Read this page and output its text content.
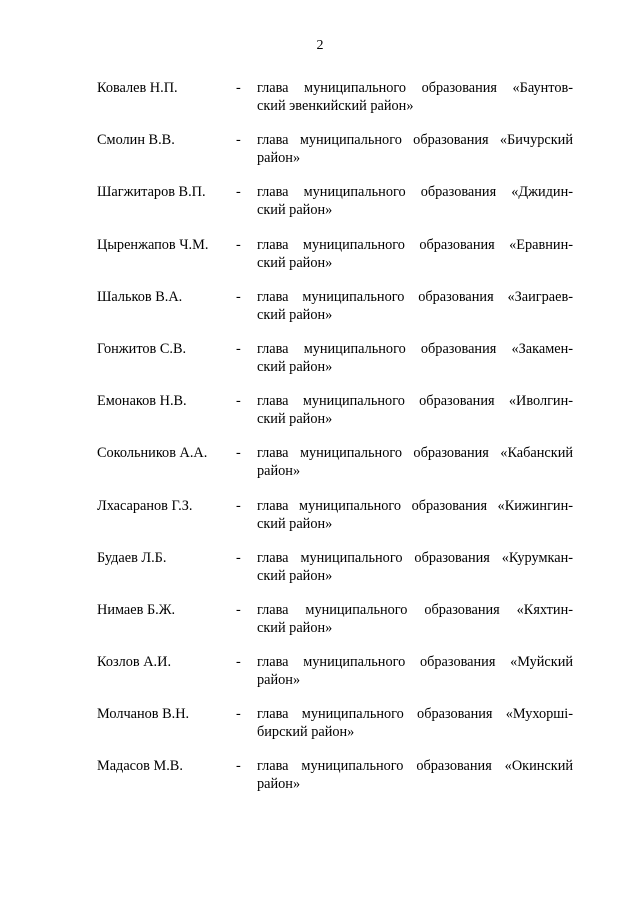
2
Ковалев Н.П.	- глава муниципального образования «Баунтов-
ский эвенкийский район»
Смолин В.В.	- глава муниципального образования «Бичурский
район»
Шагжитаров В.П. - глава муниципального образования «Джидин-
ский район»
Цыренжапов Ч.М. - глава муниципального образования «Еравнин-
ский район»
Шальков В.А.	- глава муниципального образования «Заиграев-
ский район»
Гонжитов С.В.	- глава муниципального образования «Закамен-
ский район»
Емонаков Н.В.	- глава муниципального образования «Иволгин-
ский район»
Сокольников А.А. - глава муниципального образования «Кабанский
район»
Лхасаранов Г.З.	- глава муниципального образования «Кижингин-
ский район»
Будаев Л.Б.	- глава муниципального образования «Курумкан-
ский район»
Нимаев Б.Ж.	- глава муниципального образования «Кяхтин-
ский район»
Козлов А.И.	- глава муниципального образования «Муйский
район»
Молчанов В.Н.	- глава муниципального образования «Мухоршi-
бирский район»
Мадасов М.В.	- глава муниципального образования «Окинский
район»
